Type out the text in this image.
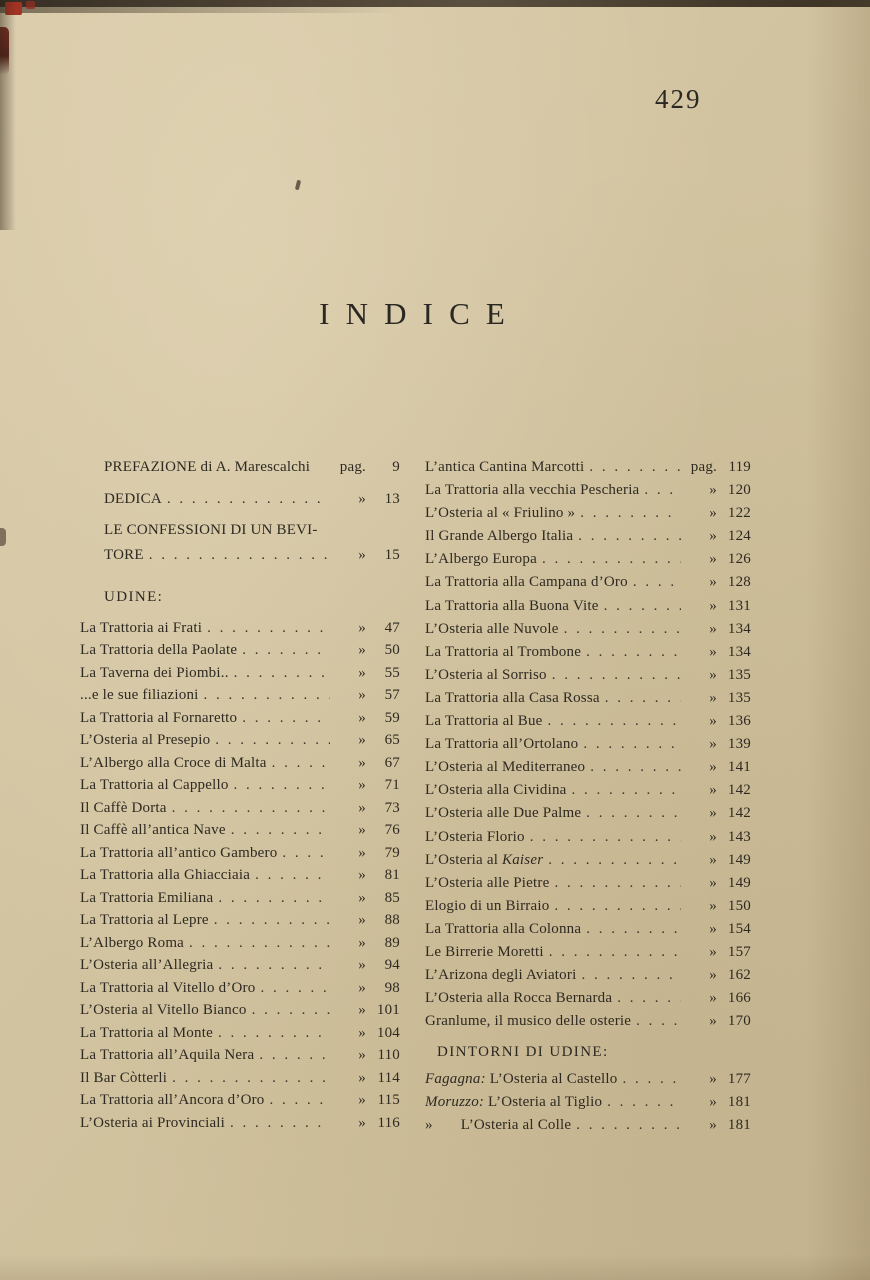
429
INDICE
PREFAZIONE di A. Marescalchi	pag.	9
DEDICA . . .	»	13
LE CONFESSIONI DI UN BEVI-
TORE . . .	»	15
UDINE:
La Trattoria ai Frati . . .	»	47
La Trattoria della Paolate . . .	»	50
La Taverna dei Piombi.. . . .	»	55
...e le sue filiazioni . . .	»	57
La Trattoria al Fornaretto . . .	»	59
L’Osteria al Presepio . . .	»	65
L’Albergo alla Croce di Malta . . .	»	67
La Trattoria al Cappello . . .	»	71
Il Caffè Dorta . . .	»	73
Il Caffè all’antica Nave . . .	»	76
La Trattoria all’antico Gambero . . .	»	79
La Trattoria alla Ghiacciaia . . .	»	81
La Trattoria Emiliana . . .	»	85
La Trattoria al Lepre . . .	»	88
L’Albergo Roma . . .	»	89
L’Osteria all’Allegria . . .	»	94
La Trattoria al Vitello d’Oro . . .	»	98
L’Osteria al Vitello Bianco . . .	» 101
La Trattoria al Monte . . .	» 104
La Trattoria all’Aquila Nera . . .	» 110
Il Bar Còtterli . . .	» 114
La Trattoria all’Ancora d’Oro . . .	» 115
L’Osteria ai Provinciali . . .	» 116
L’antica Cantina Marcotti . . .	pag. 119
La Trattoria alla vecchia Pescheria . . .	» 120
L’Osteria al « Friulino » . . .	» 122
Il Grande Albergo Italia . . .	» 124
L’Albergo Europa . . .	» 126
La Trattoria alla Campana d’Oro . . .	» 128
La Trattoria alla Buona Vite . . .	» 131
L’Osteria alle Nuvole . . .	» 134
La Trattoria al Trombone . . .	» 134
L’Osteria al Sorriso . . .	» 135
La Trattoria alla Casa Rossa . . .	» 135
La Trattoria al Bue . . .	» 136
La Trattoria all’Ortolano . . .	» 139
L’Osteria al Mediterraneo . . .	» 141
L’Osteria alla Cividina . . .	» 142
L’Osteria alle Due Palme . . .	» 142
L’Osteria Florio . . .	» 143
L’Osteria al Kaiser . . .	» 149
L’Osteria alle Pietre . . .	» 149
Elogio di un Birraio . . .	» 150
La Trattoria alla Colonna . . .	» 154
Le Birrerie Moretti . . .	» 157
L’Arizona degli Aviatori . . .	» 162
L’Osteria alla Rocca Bernarda . . .	» 166
Granlume, il musico delle osterie . . .	» 170
DINTORNI DI UDINE:
Fagagna: L’Osteria al Castello . . .	» 177
Moruzzo: L’Osteria al Tiglio . . .	» 181
» L’Osteria al Colle . . .	» 181
